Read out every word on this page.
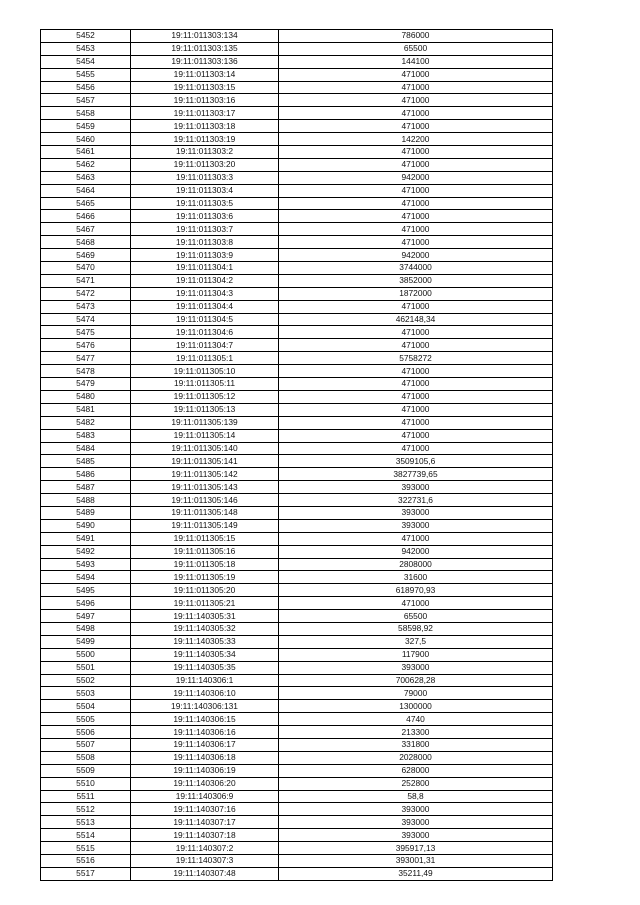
5452	19:11:011303:134	786000
5453	19:11:011303:135	65500
5454	19:11:011303:136	144100
5455	19:11:011303:14	471000
5456	19:11:011303:15	471000
5457	19:11:011303:16	471000
5458	19:11:011303:17	471000
5459	19:11:011303:18	471000
5460	19:11:011303:19	142200
5461	19:11:011303:2	471000
5462	19:11:011303:20	471000
5463	19:11:011303:3	942000
5464	19:11:011303:4	471000
5465	19:11:011303:5	471000
5466	19:11:011303:6	471000
5467	19:11:011303:7	471000
5468	19:11:011303:8	471000
5469	19:11:011303:9	942000
5470	19:11:011304:1	3744000
5471	19:11:011304:2	3852000
5472	19:11:011304:3	1872000
5473	19:11:011304:4	471000
5474	19:11:011304:5	462148,34
5475	19:11:011304:6	471000
5476	19:11:011304:7	471000
5477	19:11:011305:1	5758272
5478	19:11:011305:10	471000
5479	19:11:011305:11	471000
5480	19:11:011305:12	471000
5481	19:11:011305:13	471000
5482	19:11:011305:139	471000
5483	19:11:011305:14	471000
5484	19:11:011305:140	471000
5485	19:11:011305:141	3509105,6
5486	19:11:011305:142	3827739,65
5487	19:11:011305:143	393000
5488	19:11:011305:146	322731,6
5489	19:11:011305:148	393000
5490	19:11:011305:149	393000
5491	19:11:011305:15	471000
5492	19:11:011305:16	942000
5493	19:11:011305:18	2808000
5494	19:11:011305:19	31600
5495	19:11:011305:20	618970,93
5496	19:11:011305:21	471000
5497	19:11:140305:31	65500
5498	19:11:140305:32	58598,92
5499	19:11:140305:33	327,5
5500	19:11:140305:34	117900
5501	19:11:140305:35	393000
5502	19:11:140306:1	700628,28
5503	19:11:140306:10	79000
5504	19:11:140306:131	1300000
5505	19:11:140306:15	4740
5506	19:11:140306:16	213300
5507	19:11:140306:17	331800
5508	19:11:140306:18	2028000
5509	19:11:140306:19	628000
5510	19:11:140306:20	252800
5511	19:11:140306:9	58,8
5512	19:11:140307:16	393000
5513	19:11:140307:17	393000
5514	19:11:140307:18	393000
5515	19:11:140307:2	395917,13
5516	19:11:140307:3	393001,31
5517	19:11:140307:48	35211,49
